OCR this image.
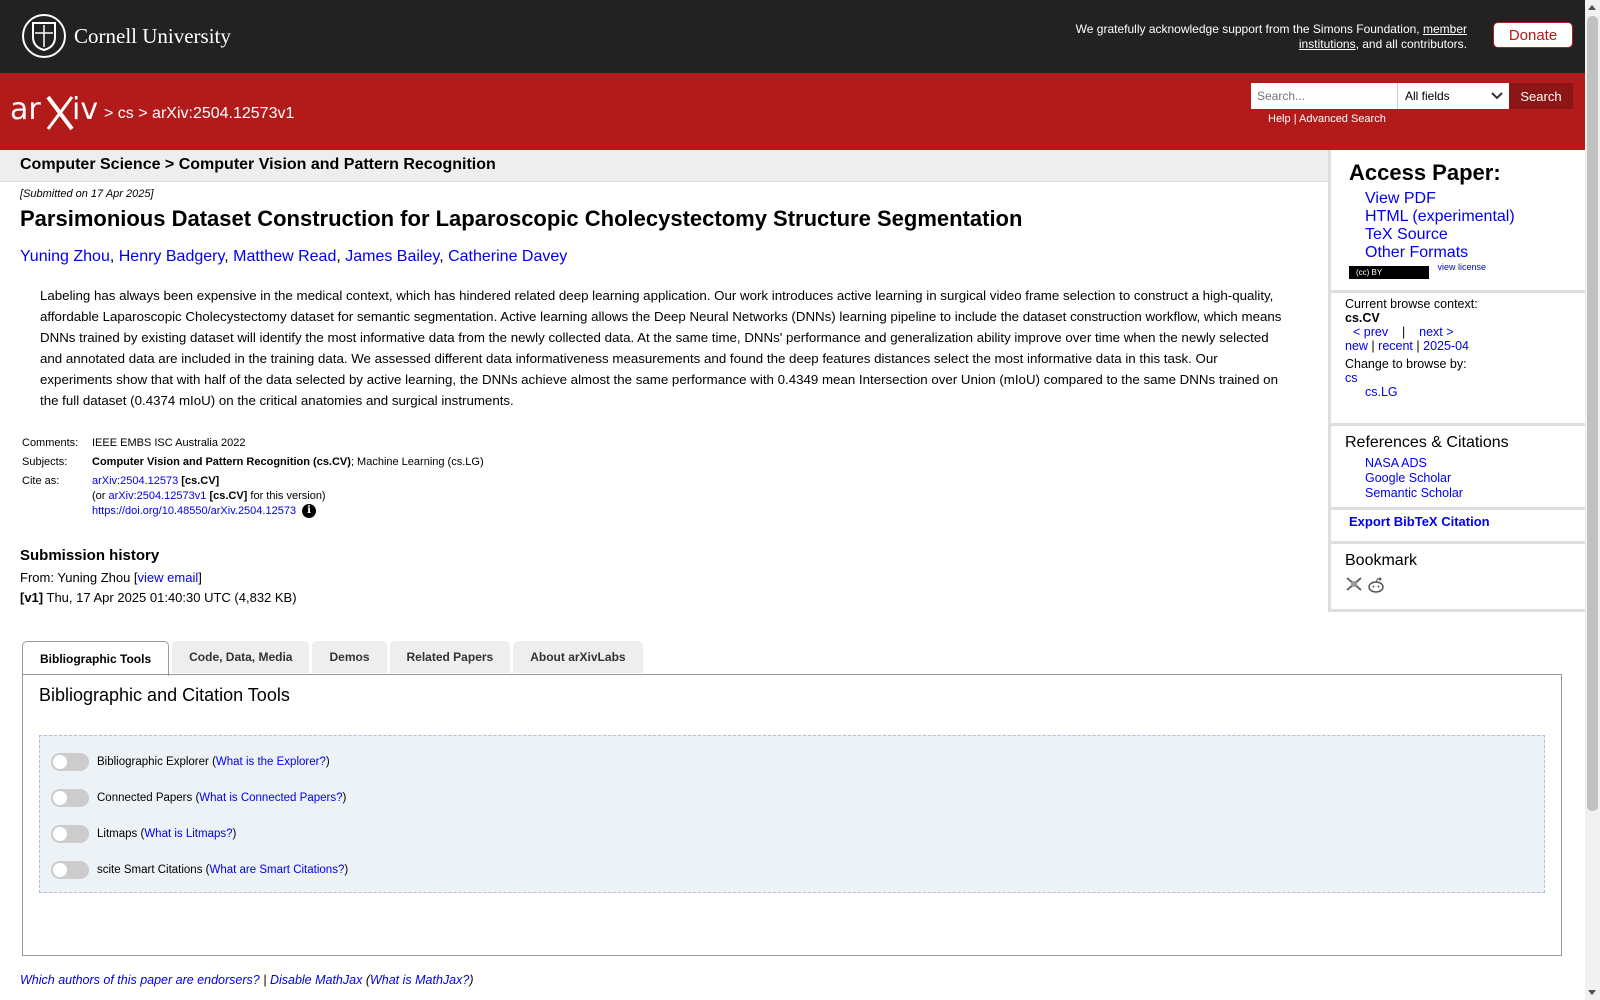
Cornell University	We gratefully acknowledge support from the Simons Foundation, member institutions, and all contributors.
Donate
ar iv > cs > arXiv:2504.12573v1
Search...
All fields	Search
Help | Advanced Search
Computer Science > Computer Vision and Pattern Recognition
[Submitted on 17 Apr 2025]
Parsimonious Dataset Construction for Laparoscopic Cholecystectomy Structure Segmentation
Yuning Zhou, Henry Badgery, Matthew Read, James Bailey, Catherine Davey
Labeling has always been expensive in the medical context, which has hindered related deep learning application. Our work introduces active learning in surgical video frame selection to construct a high-quality, affordable Laparoscopic Cholecystectomy dataset for semantic segmentation. Active learning allows the Deep Neural Networks (DNNs) learning pipeline to include the dataset construction workflow, which means DNNs trained by existing dataset will identify the most informative data from the newly collected data. At the same time, DNNs' performance and generalization ability improve over time when the newly selected and annotated data are included in the training data. We assessed different data informativeness measurements and found the deep features distances select the most informative data in this task. Our experiments show that with half of the data selected by active learning, the DNNs achieve almost the same performance with 0.4349 mean Intersection over Union (mIoU) compared to the same DNNs trained on the full dataset (0.4374 mIoU) on the critical anatomies and surgical instruments.
Comments:	IEEE EMBS ISC Australia 2022
Subjects:	Computer Vision and Pattern Recognition (cs.CV); Machine Learning (cs.LG)
Cite as:	arXiv:2504.12573 [cs.CV]
(or arXiv:2504.12573v1 [cs.CV] for this version)
https://doi.org/10.48550/arXiv.2504.12573 i
Submission history
From: Yuning Zhou [view email]
[v1] Thu, 17 Apr 2025 01:40:30 UTC (4,832 KB)
Access Paper:
View PDF
HTML (experimental)
TeX Source
Other Formats
(cc) BY
$^{view license}$
Current browse context:
cs.CV
< prev | next >
new | recent | 2025-04
Change to browse by:
cs
cs.LG
References & Citations
NASA ADS
Google Scholar
Semantic Scholar
Export BibTeX Citation
Bookmark
Bibliographic Tools	Code, Data, Media	Demos	Related Papers	About arXivLabs
Bibliographic and Citation Tools
Bibliographic Explorer ( What is the Explorer? )
Connected Papers ( What is Connected Papers? )
Litmaps ( What is Litmaps? )
scite Smart Citations ( What are Smart Citations? )
Which authors of this paper are endorsers? | Disable MathJax (What is MathJax?)
